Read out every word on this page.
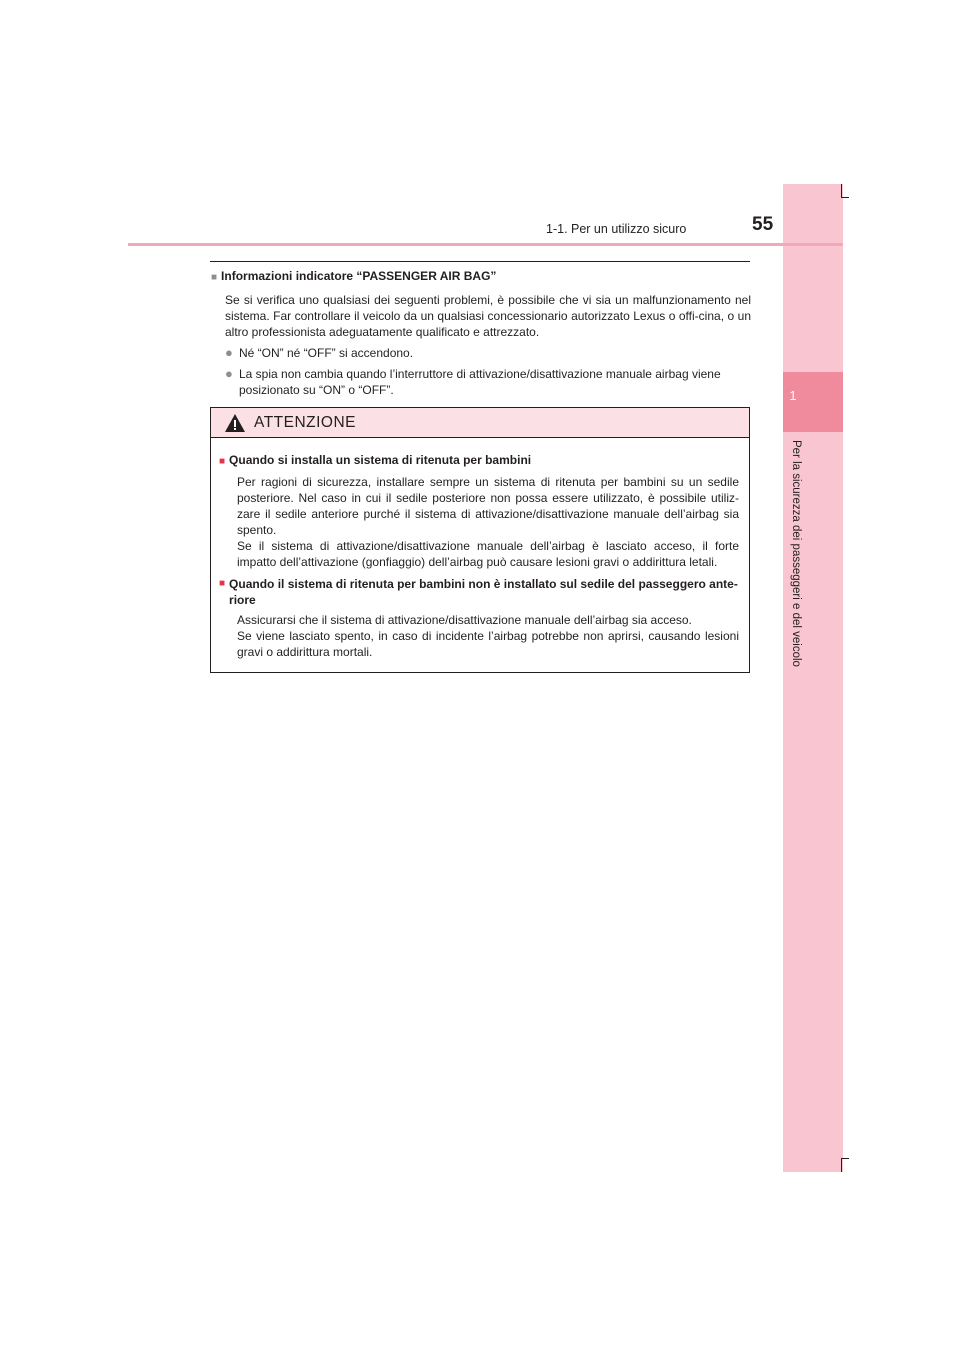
1
Per la sicurezza dei passeggeri e del veicolo
1-1. Per un utilizzo sicuro	55
■ Informazioni indicatore “PASSENGER AIR BAG”
Se si verifica uno qualsiasi dei seguenti problemi, è possibile che vi sia un malfunzionamento nel sistema. Far controllare il veicolo da un qualsiasi concessionario autorizzato Lexus o offi-cina, o un altro professionista adeguatamente qualificato e attrezzato.
● Né “ON” né “OFF” si accendono.
● La spia non cambia quando l’interruttore di attivazione/disattivazione manuale airbag viene posizionato su “ON” o “OFF”.
ATTENZIONE
■ Quando si installa un sistema di ritenuta per bambini
Per ragioni di sicurezza, installare sempre un sistema di ritenuta per bambini su un sedile posteriore. Nel caso in cui il sedile posteriore non possa essere utilizzato, è possibile utiliz-zare il sedile anteriore purché il sistema di attivazione/disattivazione manuale dell’airbag sia spento.
Se il sistema di attivazione/disattivazione manuale dell’airbag è lasciato acceso, il forte impatto dell’attivazione (gonfiaggio) dell’airbag può causare lesioni gravi o addirittura letali.
■ Quando il sistema di ritenuta per bambini non è installato sul sedile del passeggero ante-riore
Assicurarsi che il sistema di attivazione/disattivazione manuale dell’airbag sia acceso.
Se viene lasciato spento, in caso di incidente l’airbag potrebbe non aprirsi, causando lesioni gravi o addirittura mortali.
